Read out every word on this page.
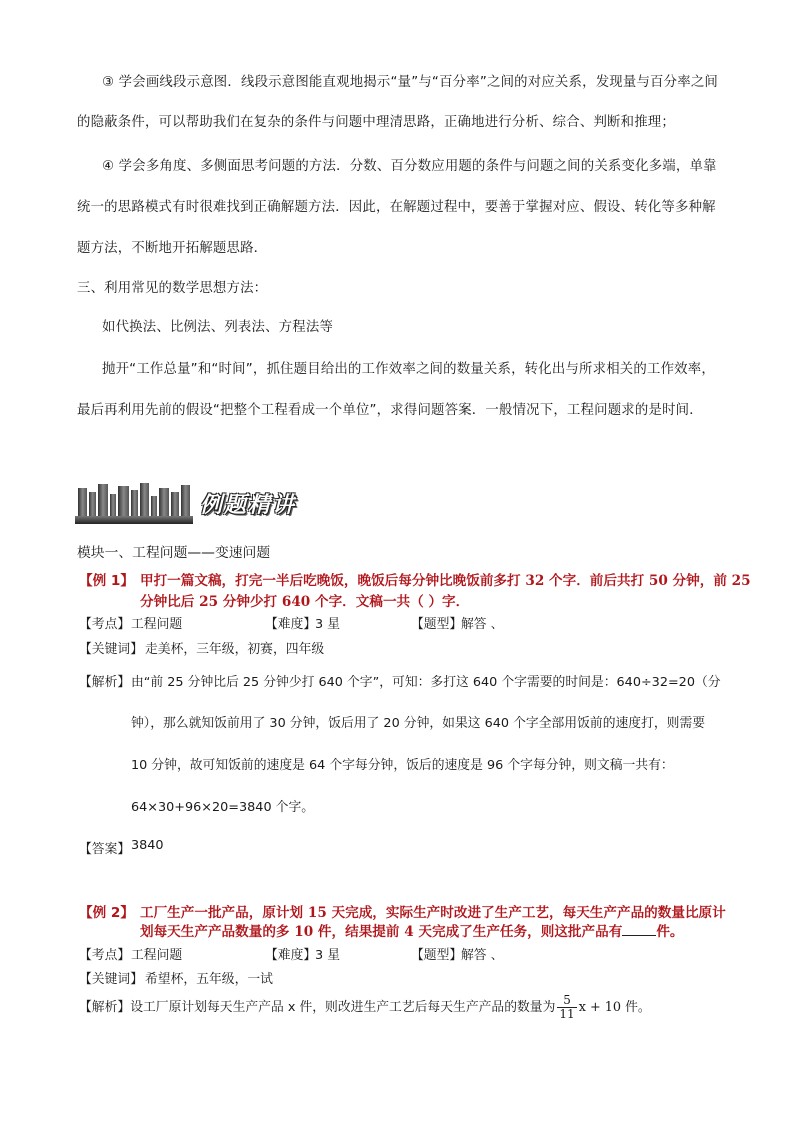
③ 学会画线段示意图．线段示意图能直观地揭示“量”与“百分率”之间的对应关系，发现量与百分率之间
的隐蔽条件，可以帮助我们在复杂的条件与问题中理清思路，正确地进行分析、综合、判断和推理；
④ 学会多角度、多侧面思考问题的方法．分数、百分数应用题的条件与问题之间的关系变化多端，单靠
统一的思路模式有时很难找到正确解题方法．因此，在解题过程中，要善于掌握对应、假设、转化等多种解
题方法，不断地开拓解题思路．
三、利用常见的数学思想方法：
如代换法、比例法、列表法、方程法等
抛开“工作总量”和“时间”，抓住题目给出的工作效率之间的数量关系，转化出与所求相关的工作效率，
最后再利用先前的假设“把整个工程看成一个单位”，求得问题答案．一般情况下，工程问题求的是时间．
例题精讲
模块一、工程问题——变速问题
【例 1】 甲打一篇文稿，打完一半后吃晚饭，晚饭后每分钟比晚饭前多打 32 个字．前后共打 50 分钟，前 25
分钟比后 25 分钟少打 640 个字．文稿一共（ ）字．
【考点】 工程问题	【难度】
3 星	【题型】
解答 、
【关键词】 走美杯，三年级，初赛，四年级
【解析】 由“前 25 分钟比后 25 分钟少打 640 个字”，可知：多打这 640 个字需要的时间是：640÷32=20（分
钟），那么就知饭前用了 30 分钟，饭后用了 20 分钟，如果这 640 个字全部用饭前的速度打，则需要
10 分钟，故可知饭前的速度是 64 个字每分钟，饭后的速度是 96 个字每分钟，则文稿一共有：
64×30+96×20=3840 个字。
【答案】 3840
【例 2】 工厂生产一批产品，原计划 15 天完成，实际生产时改进了生产工艺，每天生产产品的数量比原计
划每天生产产品数量的多 10 件，结果提前 4 天完成了生产任务，则这批产品有	件。
【考点】 工程问题	【难度】
3 星	【题型】
解答 、
【关键词】 希望杯，五年级，一试
【解析】设工厂原计划每天生产产品 x 件，则改进生产工艺后每天生产产品的数量为 $\frac{5}{11}$ x + 10 件。
